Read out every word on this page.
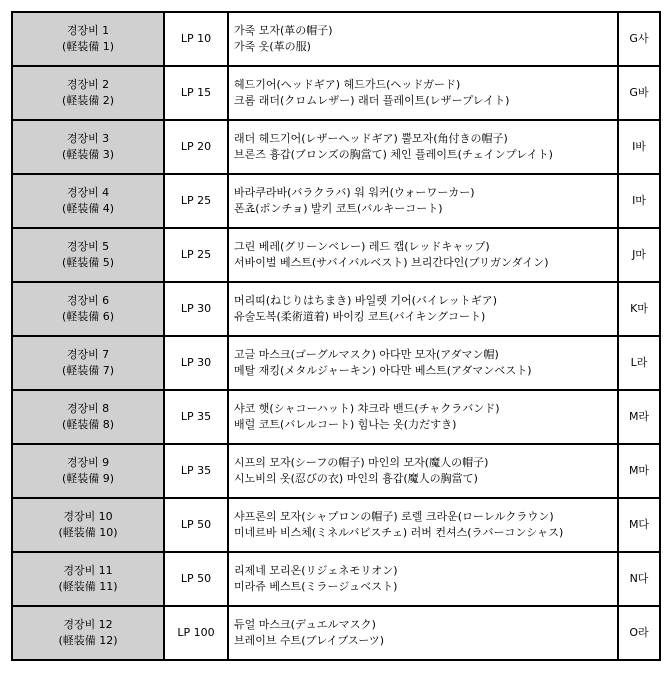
경장비 1
(軽装備 1)	LP 10	가죽 모자(革の帽子)
가죽 옷(革の服)	G사

경장비 2
(軽装備 2)	LP 15	헤드기어(ヘッドギア) 헤드가드(ヘッドガード)
크롬 래더(クロムレザー) 래더 플레이트(レザープレイト)	G바

경장비 3
(軽装備 3)	LP 20	래더 헤드기어(レザーヘッドギア) 뿔모자(角付きの帽子)
브론즈 흉갑(ブロンズの胸當て) 체인 플레이트(チェインプレイト)	I바

경장비 4
(軽装備 4)	LP 25	바라쿠라바(バラクラバ) 워 워커(ウォーワーカー)
폰쵸(ポンチョ) 발키 코트(バルキーコート)	I마

경장비 5
(軽装備 5)	LP 25	그린 베레(グリーンベレー) 레드 캡(レッドキャップ)
서바이벌 베스트(サバイバルベスト) 브리간다인(ブリガンダイン)	J마

경장비 6
(軽装備 6)	LP 30	머리띠(ねじりはちまき) 바일렛 기어(バイレットギア)
유술도복(柔術道着) 바이킹 코트(バイキングコート)	K마

경장비 7
(軽装備 7)	LP 30	고글 마스크(ゴーグルマスク) 아다만 모자(アダマン帽)
메탈 재킹(メタルジャーキン) 아다만 베스트(アダマンベスト)	L라

경장비 8
(軽装備 8)	LP 35	샤코 햇(シャコーハット) 챠크라 밴드(チャクラバンド)
배럴 코트(バレルコート) 힘나는 옷(力だすき)	M라

경장비 9
(軽装備 9)	LP 35	시프의 모자(シーフの帽子) 마인의 모자(魔人の帽子)
시노비의 옷(忍びの衣) 마인의 흉갑(魔人の胸當て)	M마

경장비 10
(軽装備 10)	LP 50	샤프론의 모자(シャプロンの帽子) 로렐 크라운(ローレルクラウン)
미네르바 비스체(ミネルバビスチェ) 러버 컨셔스(ラバーコンシャス)	M다

경장비 11
(軽装備 11)	LP 50	리제네 모리온(リジェネモリオン)
미라쥬 베스트(ミラージュベスト)	N다

경장비 12
(軽装備 12)	LP 100	듀얼 마스크(デュエルマスク)
브레이브 수트(ブレイブスーツ)	O라
